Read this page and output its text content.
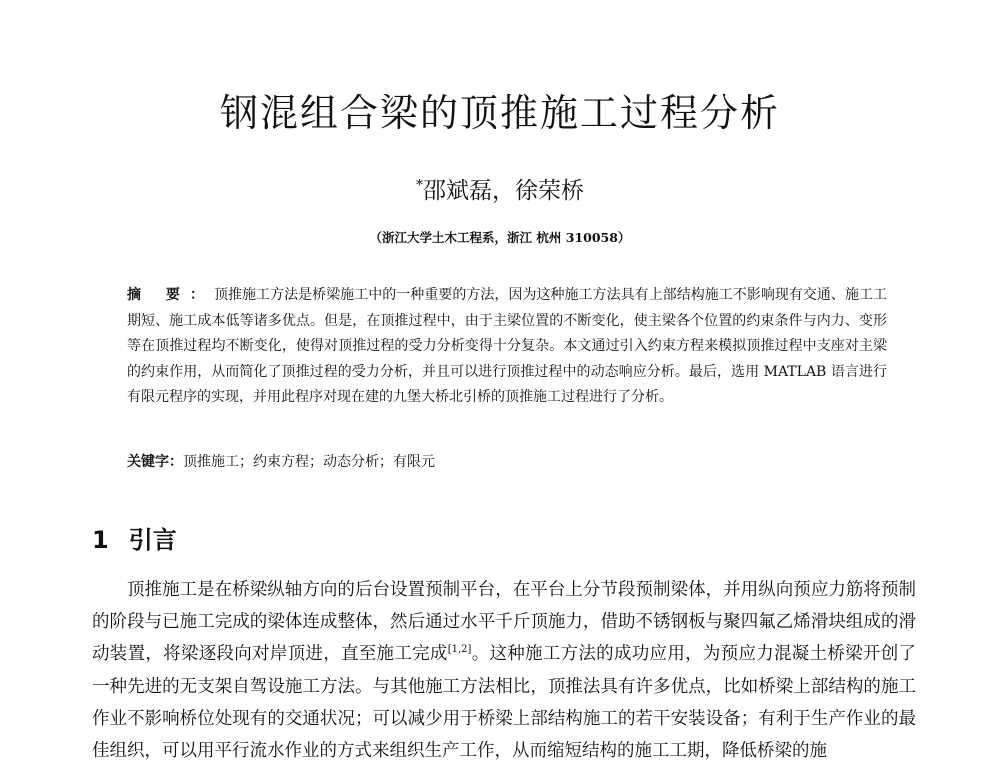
钢混组合梁的顶推施工过程分析

*邵斌磊，徐荣桥

（浙江大学土木工程系，浙江 杭州 310058）

摘 要：顶推施工方法是桥梁施工中的一种重要的方法，因为这种施工方法具有上部结构施工不影响现有交通、施工工期短、施工成本低等诸多优点。但是，在顶推过程中，由于主梁位置的不断变化，使主梁各个位置的约束条件与内力、变形等在顶推过程均不断变化，使得对顶推过程的受力分析变得十分复杂。本文通过引入约束方程来模拟顶推过程中支座对主梁的约束作用，从而简化了顶推过程的受力分析，并且可以进行顶推过程中的动态响应分析。最后，选用 MATLAB 语言进行有限元程序的实现，并用此程序对现在建的九堡大桥北引桥的顶推施工过程进行了分析。

关键字：顶推施工；约束方程；动态分析；有限元

1 引言

顶推施工是在桥梁纵轴方向的后台设置预制平台，在平台上分节段预制梁体，并用纵向预应力筋将预制的阶段与已施工完成的梁体连成整体，然后通过水平千斤顶施力，借助不锈钢板与聚四氟乙烯滑块组成的滑动装置，将梁逐段向对岸顶进，直至施工完成[1,2]。这种施工方法的成功应用，为预应力混凝土桥梁开创了一种先进的无支架自驾设施工方法。与其他施工方法相比，顶推法具有许多优点，比如桥梁上部结构的施工作业不影响桥位处现有的交通状况；可以减少用于桥梁上部结构施工的若干安装设备；有利于生产作业的最佳组织，可以用平行流水作业的方式来组织生产工作，从而缩短结构的施工工期，降低桥梁的施
